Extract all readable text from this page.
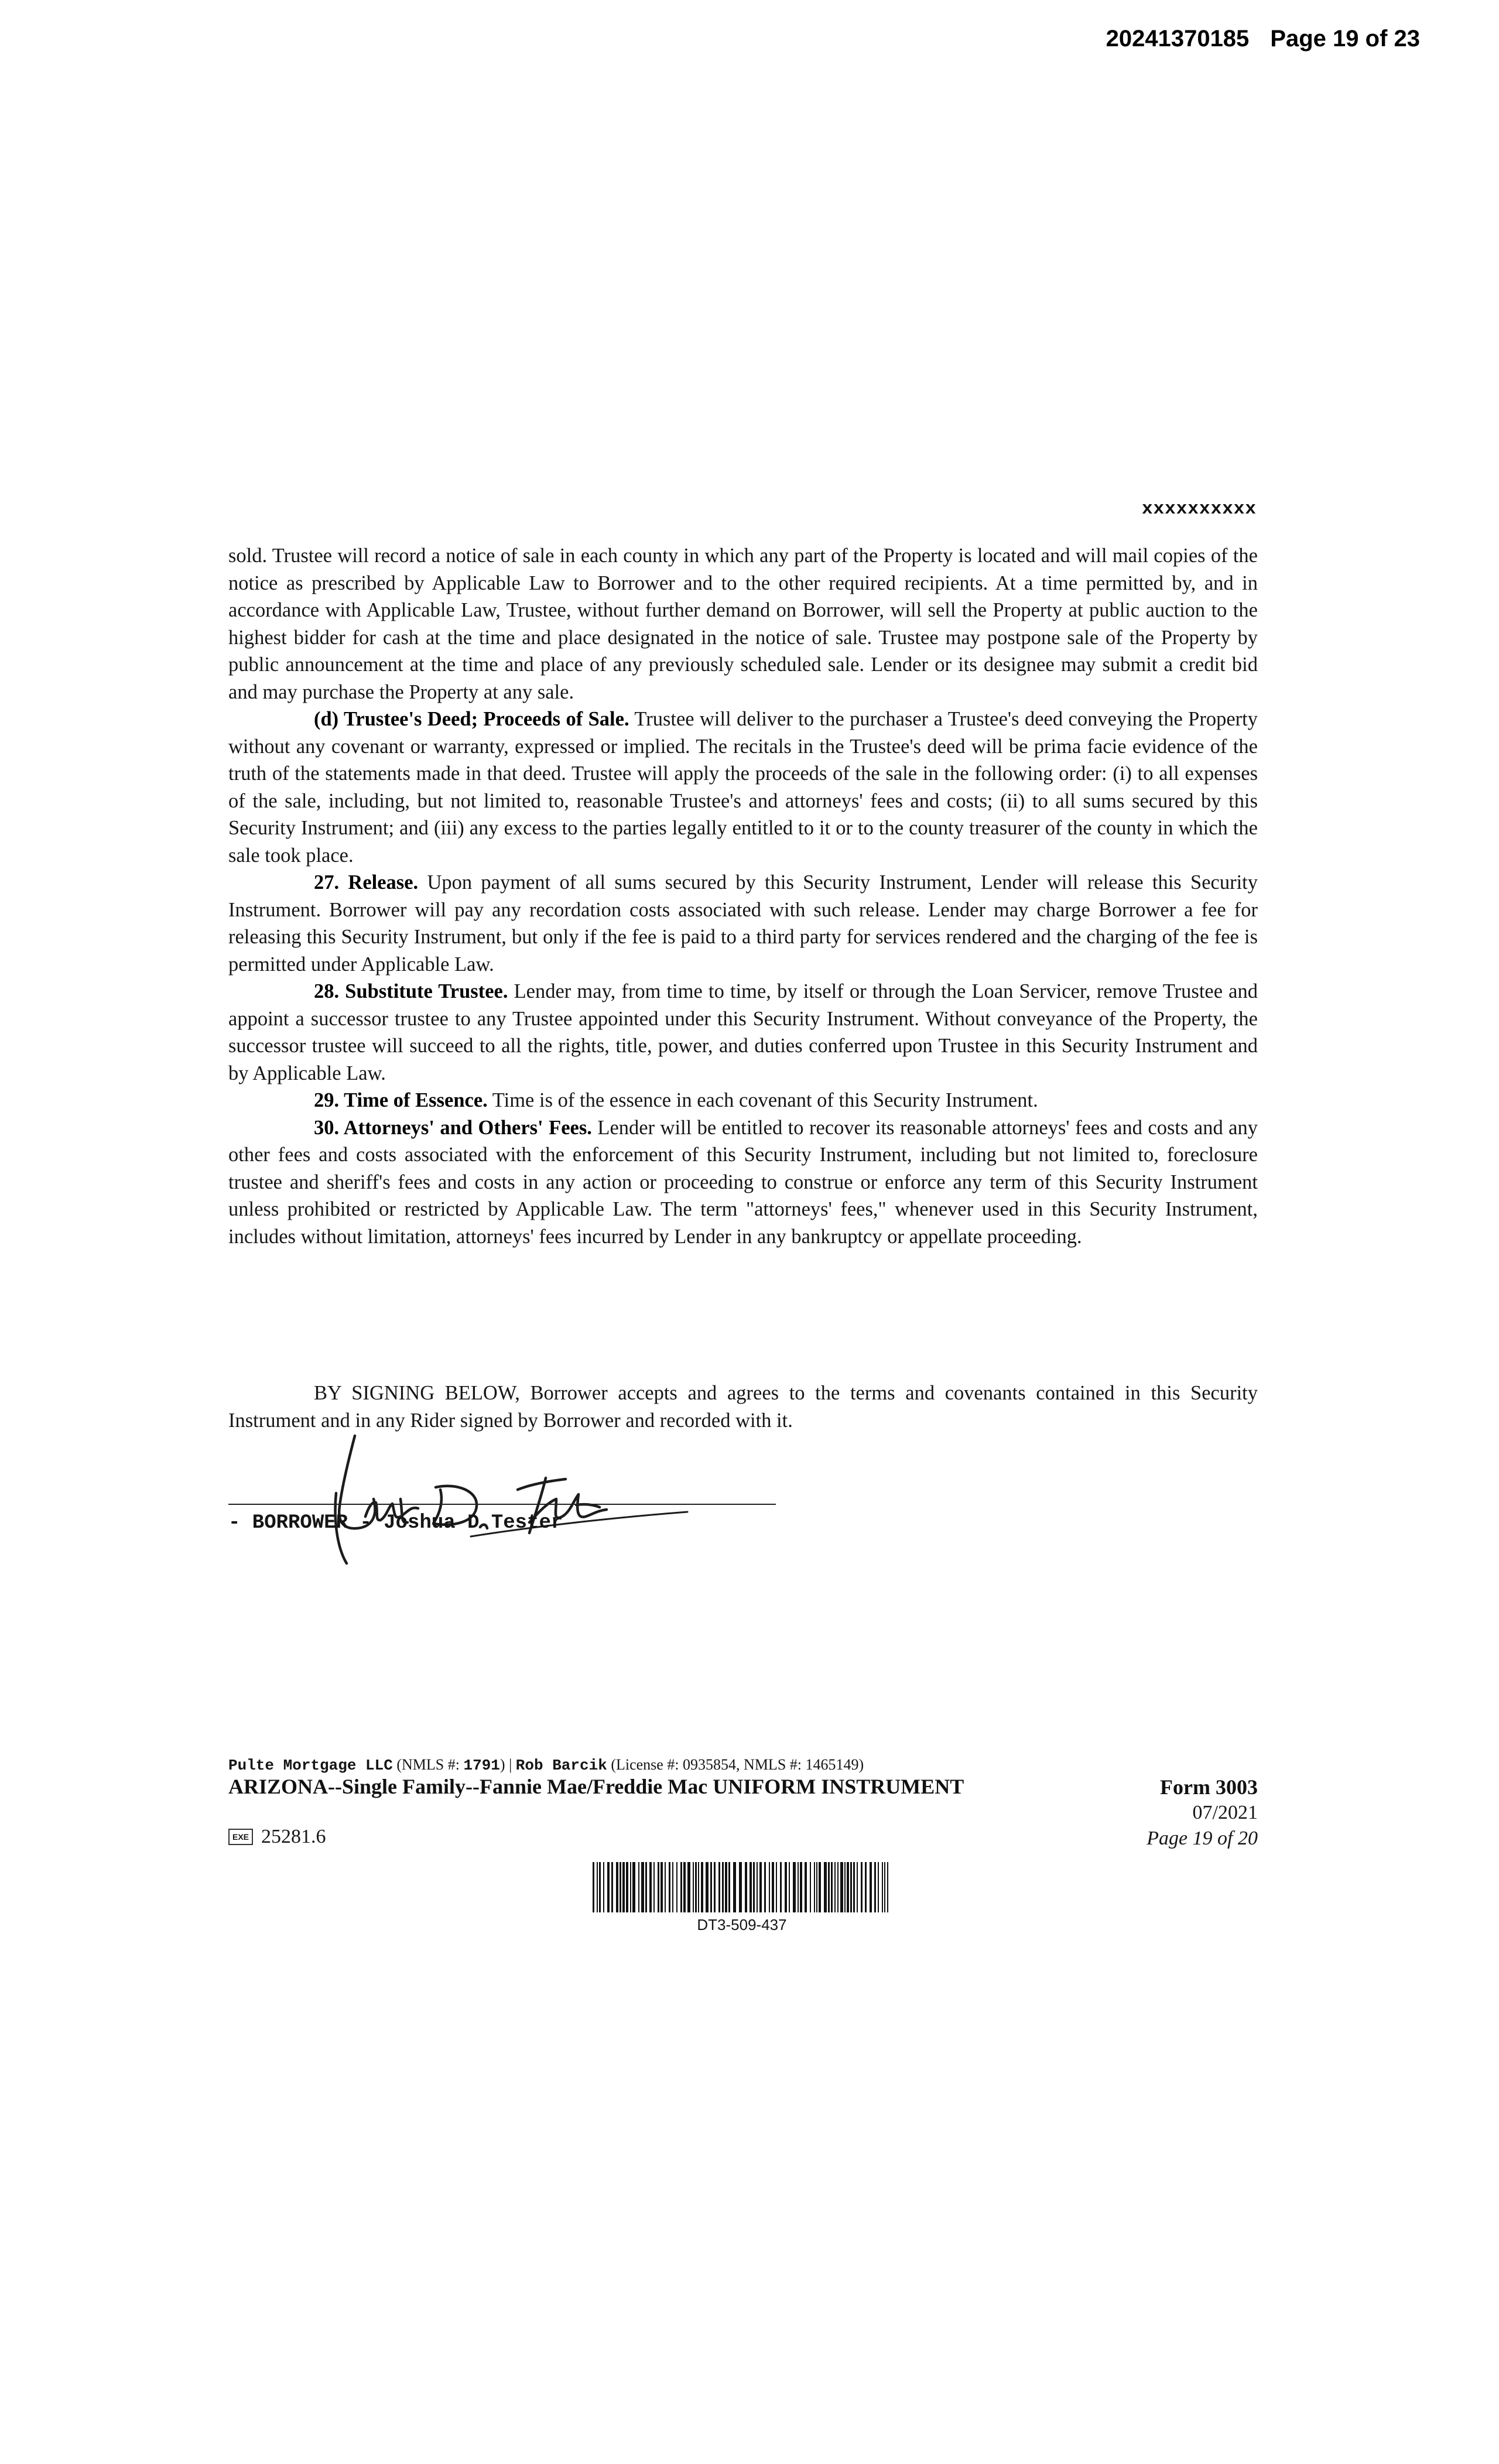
20241370185 Page 19 of 23
xxxxxxxxxx

sold. Trustee will record a notice of sale in each county in which any part of the Property is located and will mail copies of the notice as prescribed by Applicable Law to Borrower and to the other required recipients. At a time permitted by, and in accordance with Applicable Law, Trustee, without further demand on Borrower, will sell the Property at public auction to the highest bidder for cash at the time and place designated in the notice of sale. Trustee may postpone sale of the Property by public announcement at the time and place of any previously scheduled sale. Lender or its designee may submit a credit bid and may purchase the Property at any sale.

(d) Trustee's Deed; Proceeds of Sale. Trustee will deliver to the purchaser a Trustee's deed conveying the Property without any covenant or warranty, expressed or implied. The recitals in the Trustee's deed will be prima facie evidence of the truth of the statements made in that deed. Trustee will apply the proceeds of the sale in the following order: (i) to all expenses of the sale, including, but not limited to, reasonable Trustee's and attorneys' fees and costs; (ii) to all sums secured by this Security Instrument; and (iii) any excess to the parties legally entitled to it or to the county treasurer of the county in which the sale took place.

27. Release. Upon payment of all sums secured by this Security Instrument, Lender will release this Security Instrument. Borrower will pay any recordation costs associated with such release. Lender may charge Borrower a fee for releasing this Security Instrument, but only if the fee is paid to a third party for services rendered and the charging of the fee is permitted under Applicable Law.

28. Substitute Trustee. Lender may, from time to time, by itself or through the Loan Servicer, remove Trustee and appoint a successor trustee to any Trustee appointed under this Security Instrument. Without conveyance of the Property, the successor trustee will succeed to all the rights, title, power, and duties conferred upon Trustee in this Security Instrument and by Applicable Law.

29. Time of Essence. Time is of the essence in each covenant of this Security Instrument.

30. Attorneys' and Others' Fees. Lender will be entitled to recover its reasonable attorneys' fees and costs and any other fees and costs associated with the enforcement of this Security Instrument, including but not limited to, foreclosure trustee and sheriff's fees and costs in any action or proceeding to construe or enforce any term of this Security Instrument unless prohibited or restricted by Applicable Law. The term "attorneys' fees," whenever used in this Security Instrument, includes without limitation, attorneys' fees incurred by Lender in any bankruptcy or appellate proceeding.

BY SIGNING BELOW, Borrower accepts and agrees to the terms and covenants contained in this Security Instrument and in any Rider signed by Borrower and recorded with it.
- BORROWER - Joshua D Tester
Pulte Mortgage LLC (NMLS #: 1791) | Rob Barcik (License #: 0935854, NMLS #: 1465149)
ARIZONA--Single Family--Fannie Mae/Freddie Mac UNIFORM INSTRUMENT	Form 3003
07/2021
Page 19 of 20
EXE 25281.6
DT3-509-437
